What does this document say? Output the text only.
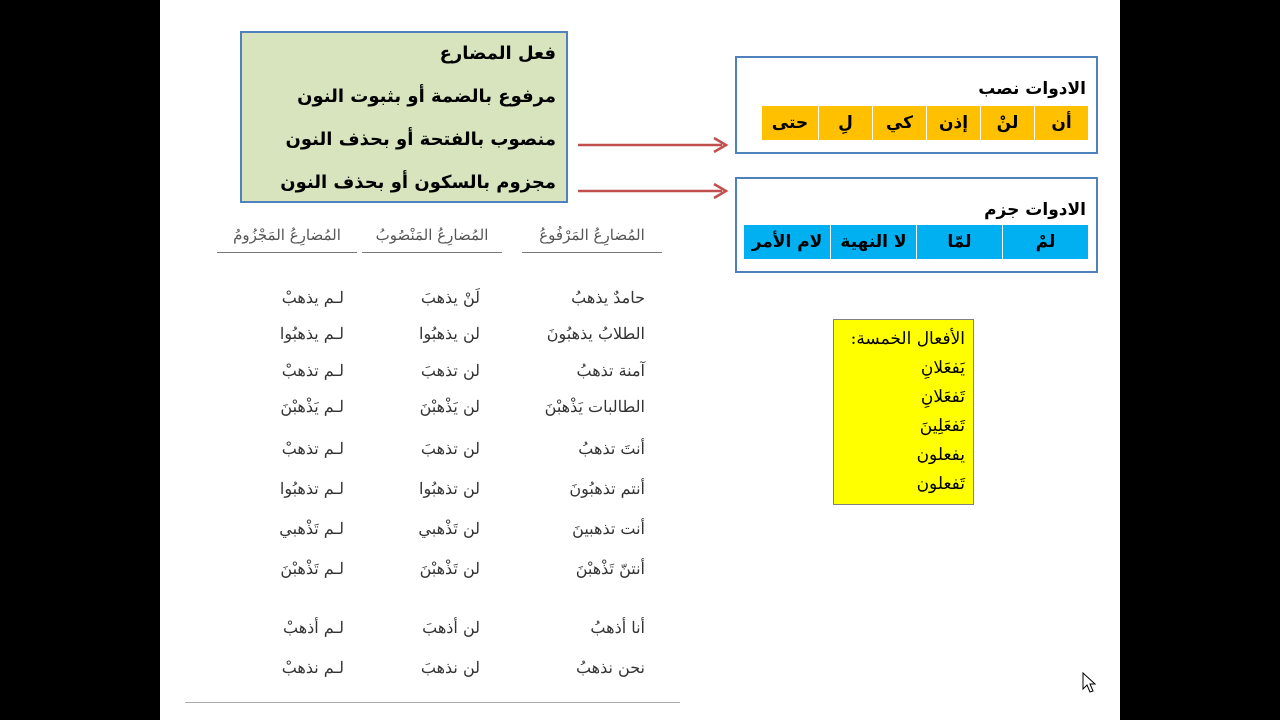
فعل المضارع
مرفوع بالضمة أو بثبوت النون
منصوب بالفتحة أو بحذف النون
مجزوم بالسكون أو بحذف النون
الادوات نصب
أن
لنْ
إذن
كي
لِ
حتى
الادوات جزم
لمْ
لمّا
لا النهية
لام الأمر
الأفعال الخمسة:
يَفعَلانِ
تَفعَلانِ
تَفعَلِينَ
يفعلون
تَفعلون
المُضارِعُ المَرْفُوعُ
المُضارِعُ المَنْصُوبُ
المُضارِعُ المَجْزُومُ
حامدٌ يذهبُ
الطلابُ يذهبُونَ
آمنة تذهبُ
الطالبات يَذْهبْنَ
أنتَ تذهبُ
أنتم تذهبُونَ
أنت تذهبينَ
أنتنّ تَذْهبْنَ
أنا أذهبُ
نحن نذهبُ
لَنْ يذهبَ
لن يذهبُوا
لن تذهبَ
لن يَذْهبْنَ
لن تذهبَ
لن تذهبُوا
لن تَذْهبي
لن تَذْهبْنَ
لن أذهبَ
لن نذهبَ
لـم يذهبْ
لـم يذهبُوا
لـم تذهبْ
لـم يَذْهبْنَ
لـم تذهبْ
لـم تذهبُوا
لـم تَذْهبي
لـم تَذْهبْنَ
لـم أذهبْ
لـم نذهبْ
